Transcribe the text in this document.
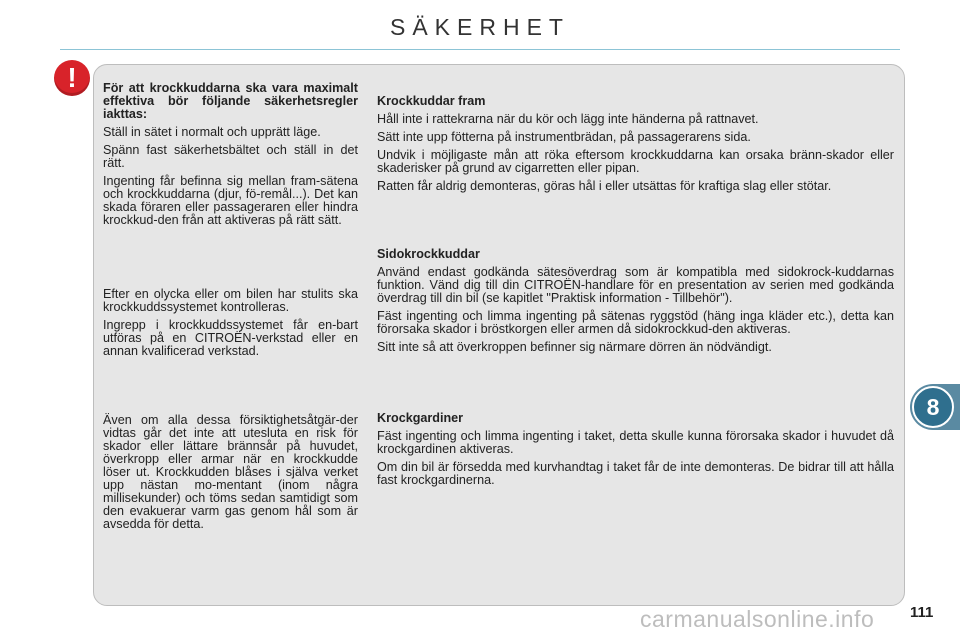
SÄKERHET
!	För att krockkuddarna ska vara maximalt effektiva bör följande säkerhetsregler iakttas:

Ställ in sätet i normalt och upprätt läge.

Spänn fast säkerhetsbältet och ställ in det rätt.

Ingenting får befinna sig mellan fram-sätena och krockkuddarna (djur, fö-remål...). Det kan skada föraren eller passageraren eller hindra krockkud-den från att aktiveras på rätt sätt.

Efter en olycka eller om bilen har stulits ska krockkuddssystemet kontrolleras.

Ingrepp i krockkuddssystemet får en-bart utföras på en CITROËN-verkstad eller en annan kvalificerad verkstad.

Även om alla dessa försiktighetsåtgär-der vidtas går det inte att utesluta en risk för skador eller lättare brännsår på huvudet, överkropp eller armar när en krockkudde löser ut. Krockkudden blåses i själva verket upp nästan mo-mentant (inom några millisekunder) och töms sedan samtidigt som den evakuerar varm gas genom hål som är avsedda för detta.

Krockkuddar fram

Håll inte i rattekrarna när du kör och lägg inte händerna på rattnavet.

Sätt inte upp fötterna på instrumentbrädan, på passagerarens sida.

Undvik i möjligaste mån att röka eftersom krockkuddarna kan orsaka bränn-skador eller skaderisker på grund av cigarretten eller pipan.

Ratten får aldrig demonteras, göras hål i eller utsättas för kraftiga slag eller stötar.

Sidokrockkuddar

Använd endast godkända sätesöverdrag som är kompatibla med sidokrock-kuddarnas funktion. Vänd dig till din CITROËN-handlare för en presentation av serien med godkända överdrag till din bil (se kapitlet "Praktisk information - Tillbehör").

Fäst ingenting och limma ingenting på sätenas ryggstöd (häng inga kläder etc.), detta kan förorsaka skador i bröstkorgen eller armen då sidokrockkud-den aktiveras.

Sitt inte så att överkroppen befinner sig närmare dörren än nödvändigt.

Krockgardiner

Fäst ingenting och limma ingenting i taket, detta skulle kunna förorsaka skador i huvudet då krockgardinen aktiveras.

Om din bil är försedda med kurvhandtag i taket får de inte demonteras. De bidrar till att hålla fast krockgardinerna.

8
carmanualsonline.info 111
